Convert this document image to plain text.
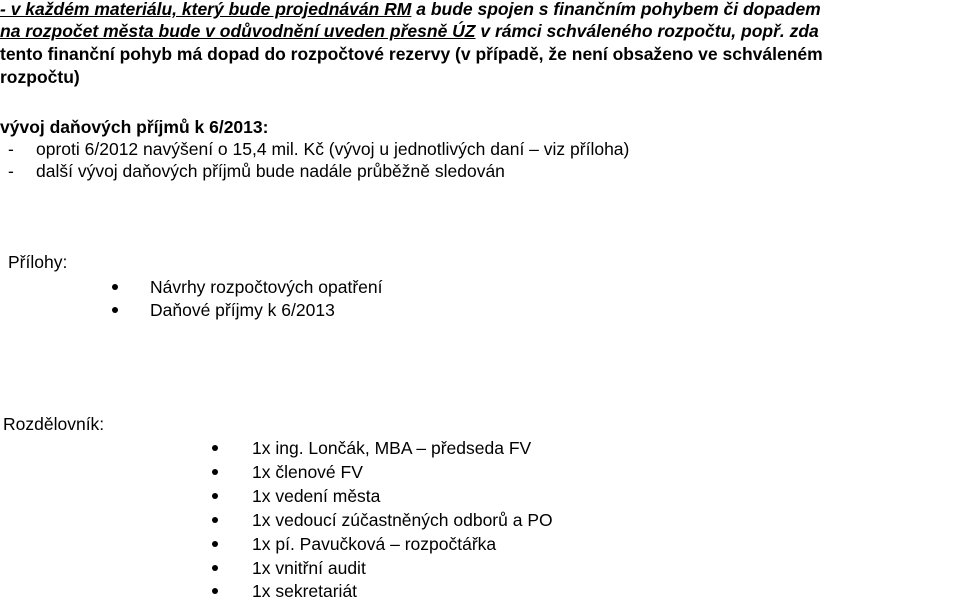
- v každém materiálu, který bude projednáván RM a bude spojen s finančním pohybem či dopadem
na rozpočet města bude v odůvodnění uveden přesně ÚZ v rámci schváleného rozpočtu, popř. zda
tento finanční pohyb má dopad do rozpočtové rezervy (v případě, že není obsaženo ve schváleném
rozpočtu)
vývoj daňových příjmů k 6/2013:
- oproti 6/2012 navýšení o 15,4 mil. Kč (vývoj u jednotlivých daní – viz příloha)
- další vývoj daňových příjmů bude nadále průběžně sledován
Přílohy:
Návrhy rozpočtových opatření
Daňové příjmy k 6/2013
Rozdělovník:
1x ing. Lončák, MBA – předseda FV
1x členové FV
1x vedení města
1x vedoucí zúčastněných odborů a PO
1x pí. Pavučková – rozpočtářka
1x vnitřní audit
1x sekretariát
